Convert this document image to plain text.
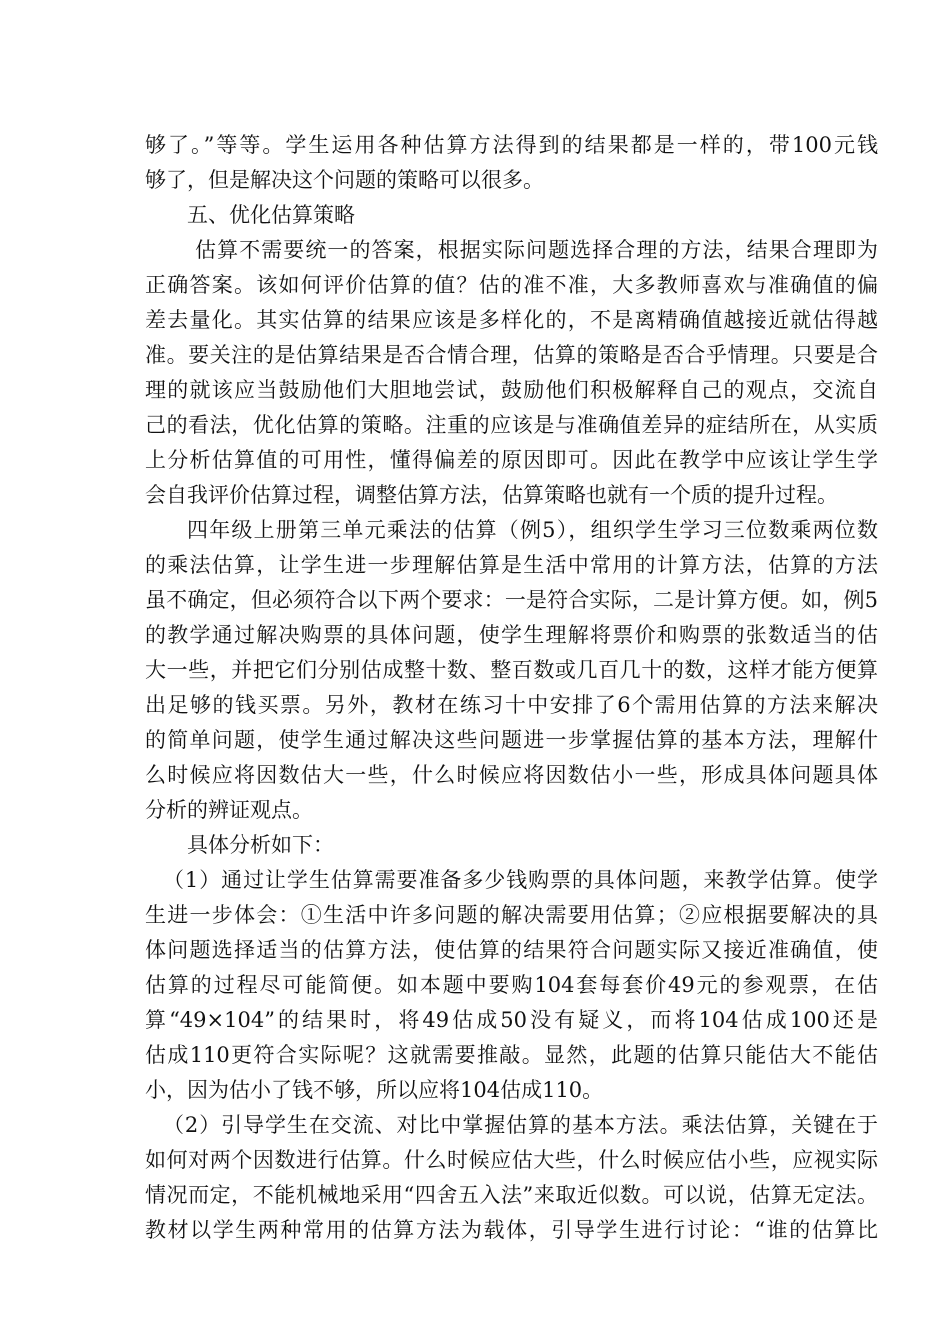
够了。”等等。学生运用各种估算方法得到的结果都是一样的，带100元钱
够了，但是解决这个问题的策略可以很多。
五、优化估算策略
估算不需要统一的答案，根据实际问题选择合理的方法，结果合理即为
正确答案。该如何评价估算的值？估的准不准，大多教师喜欢与准确值的偏
差去量化。其实估算的结果应该是多样化的，不是离精确值越接近就估得越
准。要关注的是估算结果是否合情合理，估算的策略是否合乎情理。只要是合
理的就该应当鼓励他们大胆地尝试，鼓励他们积极解释自己的观点，交流自
己的看法，优化估算的策略。注重的应该是与准确值差异的症结所在，从实质
上分析估算值的可用性，懂得偏差的原因即可。因此在教学中应该让学生学
会自我评价估算过程，调整估算方法，估算策略也就有一个质的提升过程。
四年级上册第三单元乘法的估算（例5），组织学生学习三位数乘两位数
的乘法估算，让学生进一步理解估算是生活中常用的计算方法，估算的方法
虽不确定，但必须符合以下两个要求：一是符合实际，二是计算方便。如，例5
的教学通过解决购票的具体问题，使学生理解将票价和购票的张数适当的估
大一些，并把它们分别估成整十数、整百数或几百几十的数，这样才能方便算
出足够的钱买票。另外，教材在练习十中安排了6个需用估算的方法来解决
的简单问题，使学生通过解决这些问题进一步掌握估算的基本方法，理解什
么时候应将因数估大一些，什么时候应将因数估小一些，形成具体问题具体
分析的辨证观点。
具体分析如下：
（1）通过让学生估算需要准备多少钱购票的具体问题，来教学估算。使学
生进一步体会：①生活中许多问题的解决需要用估算；②应根据要解决的具
体问题选择适当的估算方法，使估算的结果符合问题实际又接近准确值，使
估算的过程尽可能简便。如本题中要购104套每套价49元的参观票，在估
算“49×104”的结果时，将49估成50没有疑义，而将104估成100还是
估成110更符合实际呢？这就需要推敲。显然，此题的估算只能估大不能估
小，因为估小了钱不够，所以应将104估成110。
（2）引导学生在交流、对比中掌握估算的基本方法。乘法估算，关键在于
如何对两个因数进行估算。什么时候应估大些，什么时候应估小些，应视实际
情况而定，不能机械地采用“四舍五入法”来取近似数。可以说，估算无定法。
教材以学生两种常用的估算方法为载体，引导学生进行讨论：“谁的估算比
